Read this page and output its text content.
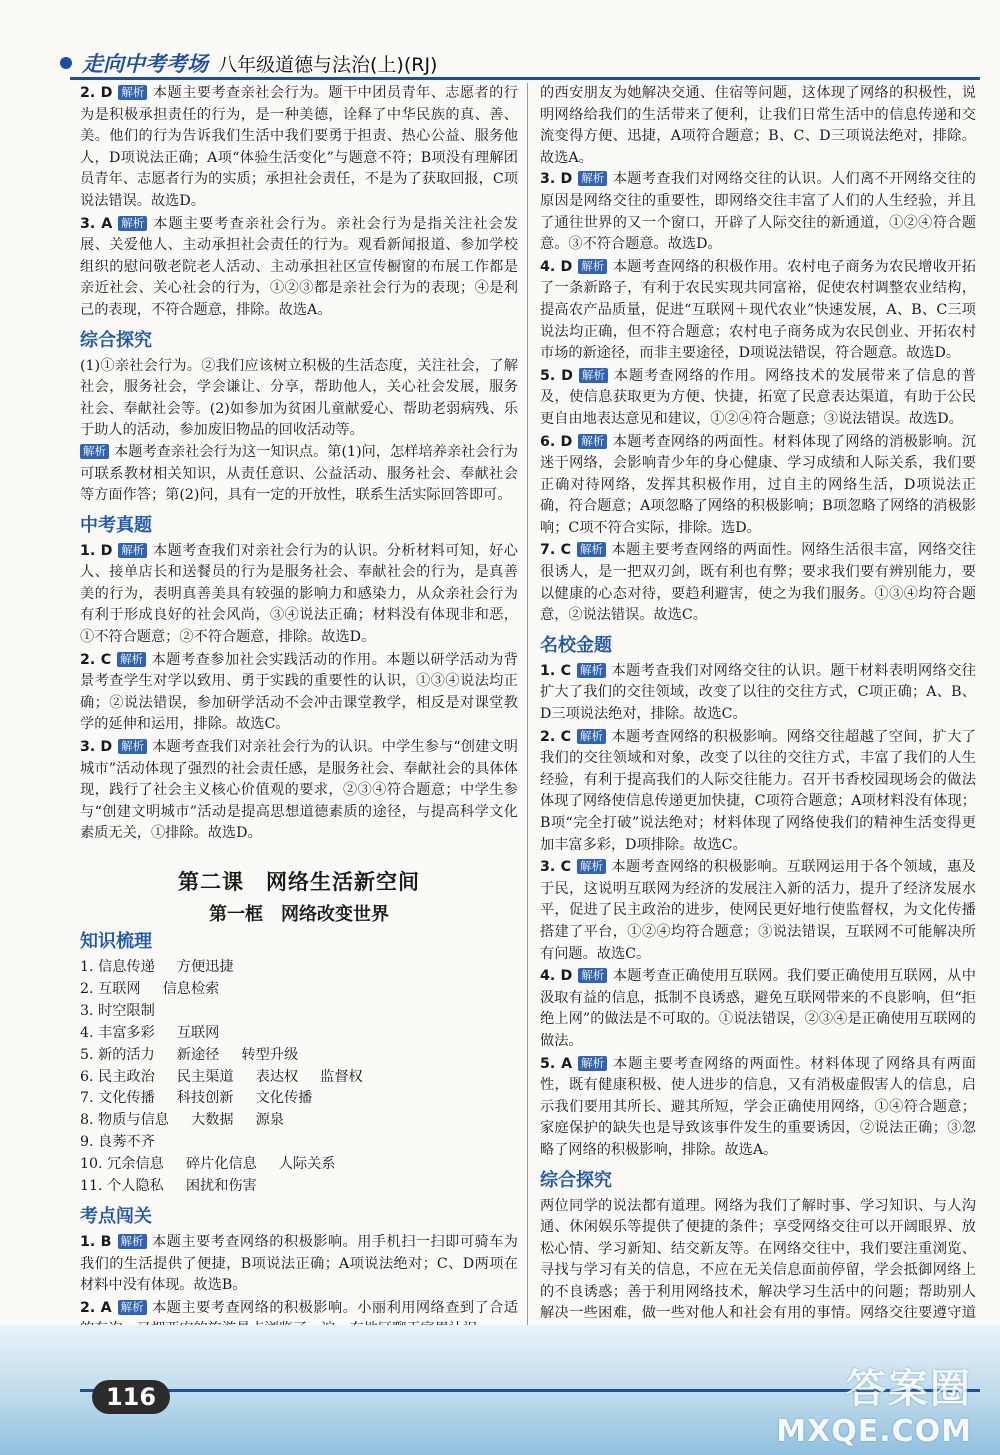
走向中考考场 八年级道德与法治(上)(RJ)
2. D 解析 本题主要考查亲社会行为。题干中团员青年、志愿者的行为是积极承担责任的行为，是一种美德，诠释了中华民族的真、善、美。他们的行为告诉我们生活中我们要勇于担责、热心公益、服务他人，D项说法正确；A项“体验生活变化”与题意不符；B项没有理解团员青年、志愿者行为的实质；承担社会责任，不是为了获取回报，C项说法错误。故选D。
3. A 解析 本题主要考查亲社会行为。亲社会行为是指关注社会发展、关爱他人、主动承担社会责任的行为。观看新闻报道、参加学校组织的慰问敬老院老人活动、主动承担社区宣传橱窗的布展工作都是亲近社会、关心社会的行为，①②③都是亲社会行为的表现；④是利己的表现，不符合题意，排除。故选A。
综合探究
(1)①亲社会行为。②我们应该树立积极的生活态度，关注社会，了解社会，服务社会，学会谦让、分享，帮助他人，关心社会发展，服务社会、奉献社会等。(2)如参加为贫困儿童献爱心、帮助老弱病残、乐于助人的活动，参加废旧物品的回收活动等。
解析 本题考查亲社会行为这一知识点。第(1)问，怎样培养亲社会行为可联系教材相关知识，从责任意识、公益活动、服务社会、奉献社会等方面作答；第(2)问，具有一定的开放性，联系生活实际回答即可。
中考真题
1. D 解析 本题考查我们对亲社会行为的认识。分析材料可知，好心人、接单店长和送餐员的行为是服务社会、奉献社会的行为，是真善美的行为，表明真善美具有较强的影响力和感染力，从众亲社会行为有利于形成良好的社会风尚，③④说法正确；材料没有体现非和恶，①不符合题意；②不符合题意，排除。故选D。
2. C 解析 本题考查参加社会实践活动的作用。本题以研学活动为背景考查学生对学以致用、勇于实践的重要性的认识，①③④说法均正确；②说法错误，参加研学活动不会冲击课堂教学，相反是对课堂教学的延伸和运用，排除。故选C。
3. D 解析 本题考查我们对亲社会行为的认识。中学生参与“创建文明城市”活动体现了强烈的社会责任感，是服务社会、奉献社会的具体体现，践行了社会主义核心价值观的要求，②③④符合题意；中学生参与“创建文明城市”活动是提高思想道德素质的途径，与提高科学文化素质无关，①排除。故选D。
第二课　网络生活新空间
第一框　网络改变世界
知识梳理
1. 信息传递 方便迅捷
2. 互联网 信息检索
3. 时空限制
4. 丰富多彩 互联网
5. 新的活力 新途径 转型升级
6. 民主政治 民主渠道 表达权 监督权
7. 文化传播 科技创新 文化传播
8. 物质与信息 大数据 源泉
9. 良莠不齐
10. 冗余信息 碎片化信息 人际关系
11. 个人隐私 困扰和伤害
考点闯关
1. B 解析 本题主要考查网络的积极影响。用手机扫一扫即可骑车为我们的生活提供了便捷，B项说法正确；A项说法绝对；C、D两项在材料中没有体现。故选B。
2. A 解析 本题主要考查网络的积极影响。小丽利用网络查到了合适
的西安朋友为她解决交通、住宿等问题，这体现了网络的积极性，说明网络给我们的生活带来了便利，让我们日常生活中的信息传递和交流变得方便、迅捷，A项符合题意；B、C、D三项说法绝对，排除。故选A。
3. D 解析 本题考查我们对网络交往的认识。人们离不开网络交往的原因是网络交往的重要性，即网络交往丰富了人们的人生经验，并且了通往世界的又一个窗口，开辟了人际交往的新通道，①②④符合题意。③不符合题意。故选D。
4. D 解析 本题考查网络的积极作用。农村电子商务为农民增收开拓了一条新路子，有利于农民实现共同富裕，促使农村调整农业结构，提高农产品质量，促进“互联网＋现代农业”快速发展，A、B、C三项说法均正确，但不符合题意；农村电子商务成为农民创业、开拓农村市场的新途径，而非主要途径，D项说法错误，符合题意。故选D。
5. D 解析 本题考查网络的作用。网络技术的发展带来了信息的普及，使信息获取更为方便、快捷，拓宽了民意表达渠道，有助于公民更自由地表达意见和建议，①②④符合题意；③说法错误。故选D。
6. D 解析 本题考查网络的两面性。材料体现了网络的消极影响。沉迷于网络，会影响青少年的身心健康、学习成绩和人际关系，我们要正确对待网络，发挥其积极作用，过自主的网络生活，D项说法正确，符合题意；A项忽略了网络的积极影响；B项忽略了网络的消极影响；C项不符合实际，排除。选D。
7. C 解析 本题主要考查网络的两面性。网络生活很丰富，网络交往很诱人，是一把双刃剑，既有利也有弊；要求我们要有辨别能力，要以健康的心态对待，要趋利避害，使之为我们服务。①③④均符合题意，②说法错误。故选C。
名校金题
1. C 解析 本题考查我们对网络交往的认识。题干材料表明网络交往扩大了我们的交往领域，改变了以往的交往方式，C项正确；A、B、D三项说法绝对，排除。故选C。
2. C 解析 本题考查网络的积极影响。网络交往超越了空间，扩大了我们的交往领域和对象，改变了以往的交往方式，丰富了我们的人生经验，有利于提高我们的人际交往能力。召开书香校园现场会的做法体现了网络使信息传递更加快捷，C项符合题意；A项材料没有体现；B项“完全打破”说法绝对；材料体现了网络使我们的精神生活变得更加丰富多彩，D项排除。故选C。
3. C 解析 本题考查网络的积极影响。互联网运用于各个领域，惠及于民，这说明互联网为经济的发展注入新的活力，提升了经济发展水平，促进了民主政治的进步，使网民更好地行使监督权，为文化传播搭建了平台，①②④均符合题意；③说法错误，互联网不可能解决所有问题。故选C。
4. D 解析 本题考查正确使用互联网。我们要正确使用互联网，从中汲取有益的信息，抵制不良诱惑，避免互联网带来的不良影响，但“拒绝上网”的做法是不可取的。①说法错误，②③④是正确使用互联网的做法。
5. A 解析 本题主要考查网络的两面性。材料体现了网络具有两面性，既有健康积极、使人进步的信息，又有消极虚假害人的信息，启示我们要用其所长、避其所短，学会正确使用网络，①④符合题意；家庭保护的缺失也是导致该事件发生的重要诱因，②说法正确；③忽略了网络的积极影响，排除。故选A。
综合探究
两位同学的说法都有道理。网络为我们了解时事、学习知识、与人沟通、休闲娱乐等提供了便捷的条件；享受网络交往可以开阔眼界、放松心情、学习新知、结交新友等。在网络交往中，我们要注重浏览、寻找与学习有关的信息，不应在无关信息面前停留，学会抵御网络上的不良诱惑；善于利用网络技术，解决学习生活中的问题；帮助别人解决一些困难，做一些对他人和社会有用的事情。网络交往要遵守道
116	答案圈
MXQE.COM
